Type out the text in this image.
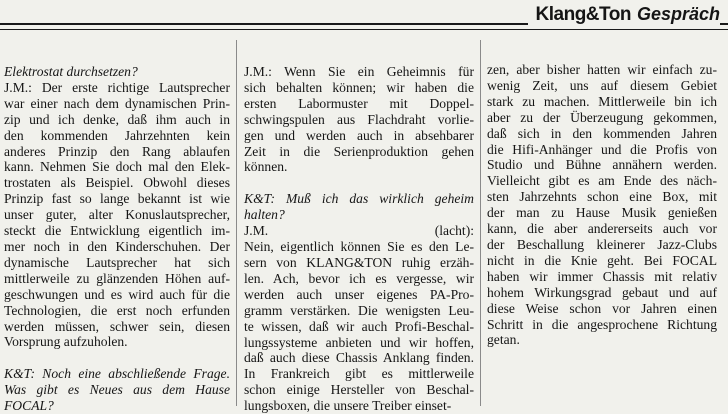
Klang&Ton Gespräch

Elektrostat durchsetzen?

J.M.: Der erste richtige Lautsprecher
war einer nach dem dynamischen Prin-
zip und ich denke, daß ihm auch in
den kommenden Jahrzehnten kein
anderes Prinzip den Rang ablaufen
kann. Nehmen Sie doch mal den Elek-
trostaten als Beispiel. Obwohl dieses
Prinzip fast so lange bekannt ist wie
unser guter, alter Konuslautsprecher,
steckt die Entwicklung eigentlich im-
mer noch in den Kinderschuhen. Der
dynamische Lautsprecher hat sich
mittlerweile zu glänzenden Höhen auf-
geschwungen und es wird auch für die
Technologien, die erst noch erfunden
werden müssen, schwer sein, diesen
Vorsprung aufzuholen.

K&T: Noch eine abschließende Frage.
Was gibt es Neues aus dem Hause
FOCAL?

J.M.: Wenn Sie ein Geheimnis für
sich behalten können; wir haben die
ersten Labormuster mit Doppel-
schwingspulen aus Flachdraht vorlie-
gen und werden auch in absehbarer
Zeit in die Serienproduktion gehen
können.

K&T: Muß ich das wirklich geheim
halten?

J.M. (lacht):
Nein, eigentlich können Sie es den Le-
sern von KLANG&TON ruhig erzäh-
len. Ach, bevor ich es vergesse, wir
werden auch unser eigenes PA-Pro-
gramm verstärken. Die wenigsten Leu-
te wissen, daß wir auch Profi-Beschal-
lungssysteme anbieten und wir hoffen,
daß auch diese Chassis Anklang finden.
In Frankreich gibt es mittlerweile
schon einige Hersteller von Beschal-
lungsboxen, die unsere Treiber einset-

zen, aber bisher hatten wir einfach zu-
wenig Zeit, uns auf diesem Gebiet
stark zu machen. Mittlerweile bin ich
aber zu der Überzeugung gekommen,
daß sich in den kommenden Jahren
die Hifi-Anhänger und die Profis von
Studio und Bühne annähern werden.
Vielleicht gibt es am Ende des näch-
sten Jahrzehnts schon eine Box, mit
der man zu Hause Musik genießen
kann, die aber andererseits auch vor
der Beschallung kleinerer Jazz-Clubs
nicht in die Knie geht. Bei FOCAL
haben wir immer Chassis mit relativ
hohem Wirkungsgrad gebaut und auf
diese Weise schon vor Jahren einen
Schritt in die angesprochene Richtung
getan.
